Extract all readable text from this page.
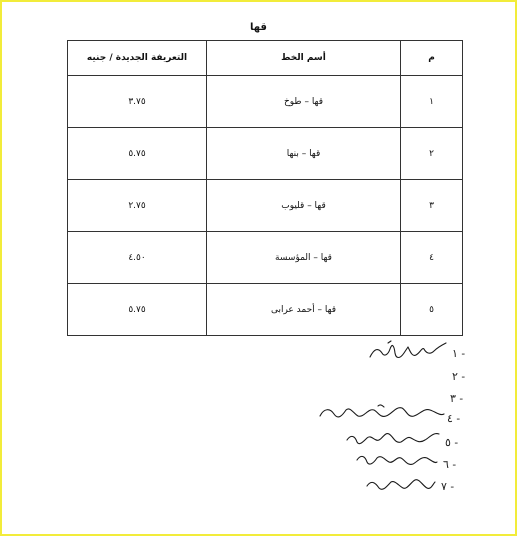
قها
م	أسم الخط	التعريفة الجديدة / جنيه
١	قها – طوخ	٣.٧٥
٢	قها – بنها	٥.٧٥
٣	قها – قليوب	٢.٧٥
٤	قها – المؤسسة	٤.٥٠
٥	قها – أحمد عرابى	٥.٧٥
١ -
٢ -
٣ -
٤ -
٥ -
٦ -
٧ -
